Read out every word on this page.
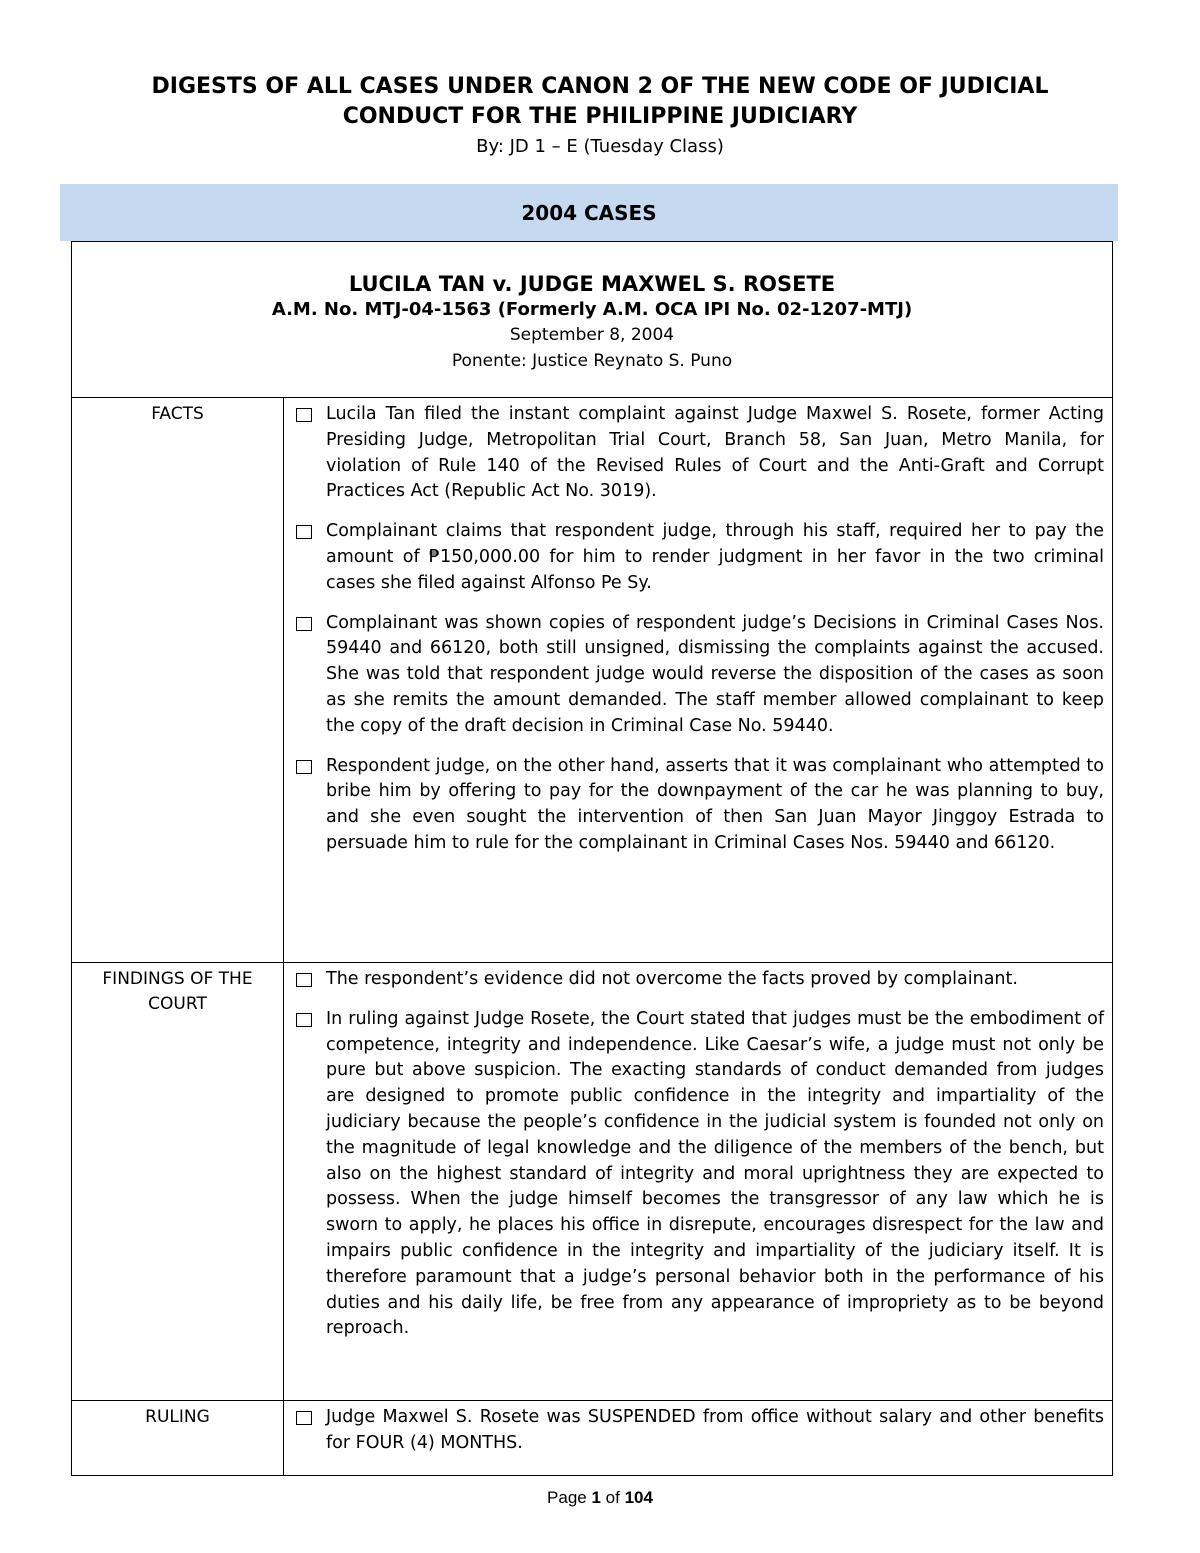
DIGESTS OF ALL CASES UNDER CANON 2 OF THE NEW CODE OF JUDICIAL
CONDUCT FOR THE PHILIPPINE JUDICIARY
By: JD 1 – E (Tuesday Class)
2004 CASES
LUCILA TAN v. JUDGE MAXWEL S. ROSETE
A.M. No. MTJ-04-1563 (Formerly A.M. OCA IPI No. 02-1207-MTJ)
September 8, 2004
Ponente: Justice Reynato S. Puno
FACTS	Lucila Tan filed the instant complaint against Judge Maxwel S. Rosete, former Acting Presiding Judge, Metropolitan Trial Court, Branch 58, San Juan, Metro Manila, for violation of Rule 140 of the Revised Rules of Court and the Anti-Graft and Corrupt Practices Act (Republic Act No. 3019).
Complainant claims that respondent judge, through his staff, required her to pay the amount of ₱150,000.00 for him to render judgment in her favor in the two criminal cases she filed against Alfonso Pe Sy.
Complainant was shown copies of respondent judge’s Decisions in Criminal Cases Nos. 59440 and 66120, both still unsigned, dismissing the complaints against the accused. She was told that respondent judge would reverse the disposition of the cases as soon as she remits the amount demanded. The staff member allowed complainant to keep the copy of the draft decision in Criminal Case No. 59440.
Respondent judge, on the other hand, asserts that it was complainant who attempted to bribe him by offering to pay for the downpayment of the car he was planning to buy, and she even sought the intervention of then San Juan Mayor Jinggoy Estrada to persuade him to rule for the complainant in Criminal Cases Nos. 59440 and 66120.
FINDINGS OF THE COURT
The respondent’s evidence did not overcome the facts proved by complainant.
In ruling against Judge Rosete, the Court stated that judges must be the embodiment of competence, integrity and independence. Like Caesar’s wife, a judge must not only be pure but above suspicion. The exacting standards of conduct demanded from judges are designed to promote public confidence in the integrity and impartiality of the judiciary because the people’s confidence in the judicial system is founded not only on the magnitude of legal knowledge and the diligence of the members of the bench, but also on the highest standard of integrity and moral uprightness they are expected to possess. When the judge himself becomes the transgressor of any law which he is sworn to apply, he places his office in disrepute, encourages disrespect for the law and impairs public confidence in the integrity and impartiality of the judiciary itself. It is therefore paramount that a judge’s personal behavior both in the performance of his duties and his daily life, be free from any appearance of impropriety as to be beyond reproach.
RULING	Judge Maxwel S. Rosete was SUSPENDED from office without salary and other benefits for FOUR (4) MONTHS.
Page 1 of 104
